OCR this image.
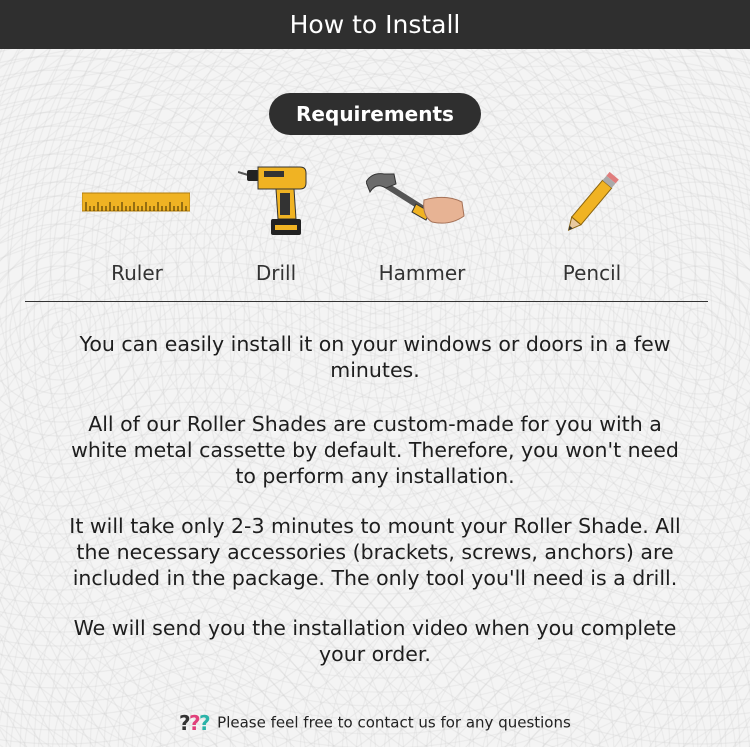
How to Install
Requirements
Ruler	Drill	Hammer	Pencil
You can easily install it on your windows or doors in a few minutes.
All of our Roller Shades are custom-made for you with a white metal cassette by default. Therefore, you won't need to perform any installation.
It will take only 2-3 minutes to mount your Roller Shade. All the necessary accessories (brackets, screws, anchors) are included in the package. The only tool you'll need is a drill.
We will send you the installation video when you complete your order.
?
?
? Please feel free to contact us for any questions
